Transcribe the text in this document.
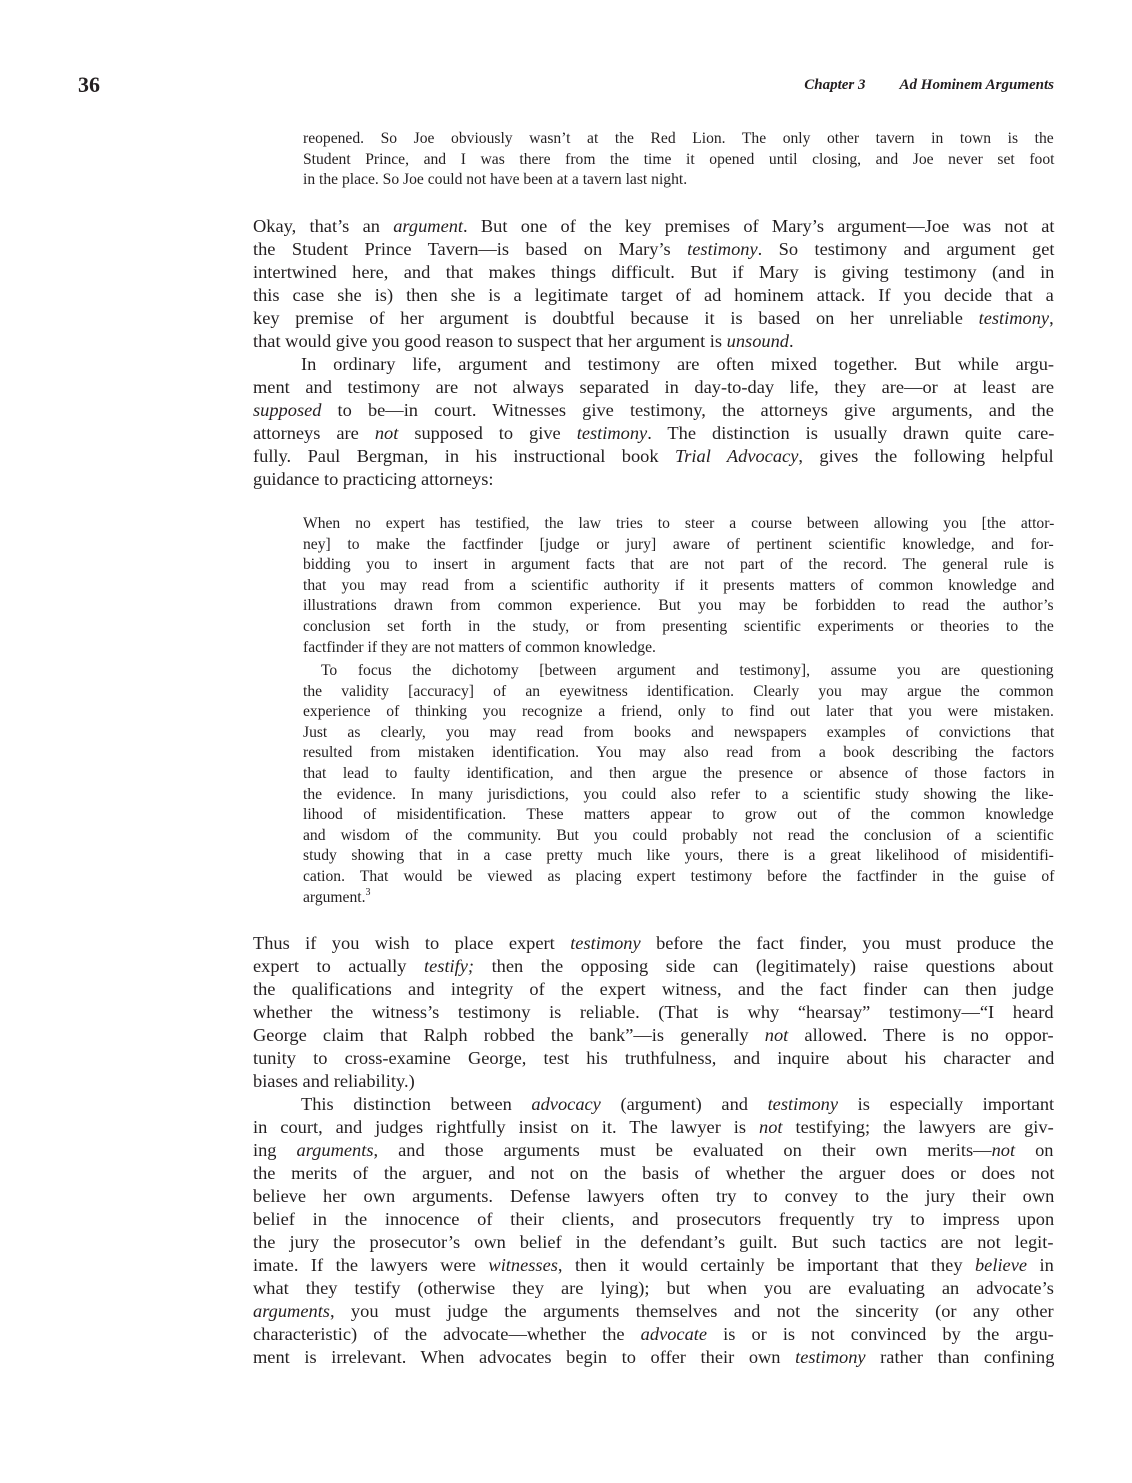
36	Chapter 3 Ad Hominem Arguments
reopened. So Joe obviously wasn’t at the Red Lion. The only other tavern in town is the
Student Prince, and I was there from the time it opened until closing, and Joe never set foot
in the place. So Joe could not have been at a tavern last night.
Okay, that’s an argument. But one of the key premises of Mary’s argument—Joe was not at
the Student Prince Tavern—is based on Mary’s testimony. So testimony and argument get
intertwined here, and that makes things difficult. But if Mary is giving testimony (and in
this case she is) then she is a legitimate target of ad hominem attack. If you decide that a
key premise of her argument is doubtful because it is based on her unreliable testimony,
that would give you good reason to suspect that her argument is unsound.
In ordinary life, argument and testimony are often mixed together. But while argu-
ment and testimony are not always separated in day-to-day life, they are—or at least are
supposed to be—in court. Witnesses give testimony, the attorneys give arguments, and the
attorneys are not supposed to give testimony. The distinction is usually drawn quite care-
fully. Paul Bergman, in his instructional book Trial Advocacy, gives the following helpful
guidance to practicing attorneys:
When no expert has testified, the law tries to steer a course between allowing you [the attor-
ney] to make the factfinder [judge or jury] aware of pertinent scientific knowledge, and for-
bidding you to insert in argument facts that are not part of the record. The general rule is
that you may read from a scientific authority if it presents matters of common knowledge and
illustrations drawn from common experience. But you may be forbidden to read the author’s
conclusion set forth in the study, or from presenting scientific experiments or theories to the
factfinder if they are not matters of common knowledge.
To focus the dichotomy [between argument and testimony], assume you are questioning
the validity [accuracy] of an eyewitness identification. Clearly you may argue the common
experience of thinking you recognize a friend, only to find out later that you were mistaken.
Just as clearly, you may read from books and newspapers examples of convictions that
resulted from mistaken identification. You may also read from a book describing the factors
that lead to faulty identification, and then argue the presence or absence of those factors in
the evidence. In many jurisdictions, you could also refer to a scientific study showing the like-
lihood of misidentification. These matters appear to grow out of the common knowledge
and wisdom of the community. But you could probably not read the conclusion of a scientific
study showing that in a case pretty much like yours, there is a great likelihood of misidentifi-
cation. That would be viewed as placing expert testimony before the factfinder in the guise of
argument.$^3$
Thus if you wish to place expert testimony before the fact finder, you must produce the
expert to actually testify; then the opposing side can (legitimately) raise questions about
the qualifications and integrity of the expert witness, and the fact finder can then judge
whether the witness’s testimony is reliable. (That is why “hearsay” testimony—“I heard
George claim that Ralph robbed the bank”—is generally not allowed. There is no oppor-
tunity to cross-examine George, test his truthfulness, and inquire about his character and
biases and reliability.)
This distinction between advocacy (argument) and testimony is especially important
in court, and judges rightfully insist on it. The lawyer is not testifying; the lawyers are giv-
ing arguments, and those arguments must be evaluated on their own merits—not on
the merits of the arguer, and not on the basis of whether the arguer does or does not
believe her own arguments. Defense lawyers often try to convey to the jury their own
belief in the innocence of their clients, and prosecutors frequently try to impress upon
the jury the prosecutor’s own belief in the defendant’s guilt. But such tactics are not legit-
imate. If the lawyers were witnesses, then it would certainly be important that they believe in
what they testify (otherwise they are lying); but when you are evaluating an advocate’s
arguments, you must judge the arguments themselves and not the sincerity (or any other
characteristic) of the advocate—whether the advocate is or is not convinced by the argu-
ment is irrelevant. When advocates begin to offer their own testimony rather than confining
